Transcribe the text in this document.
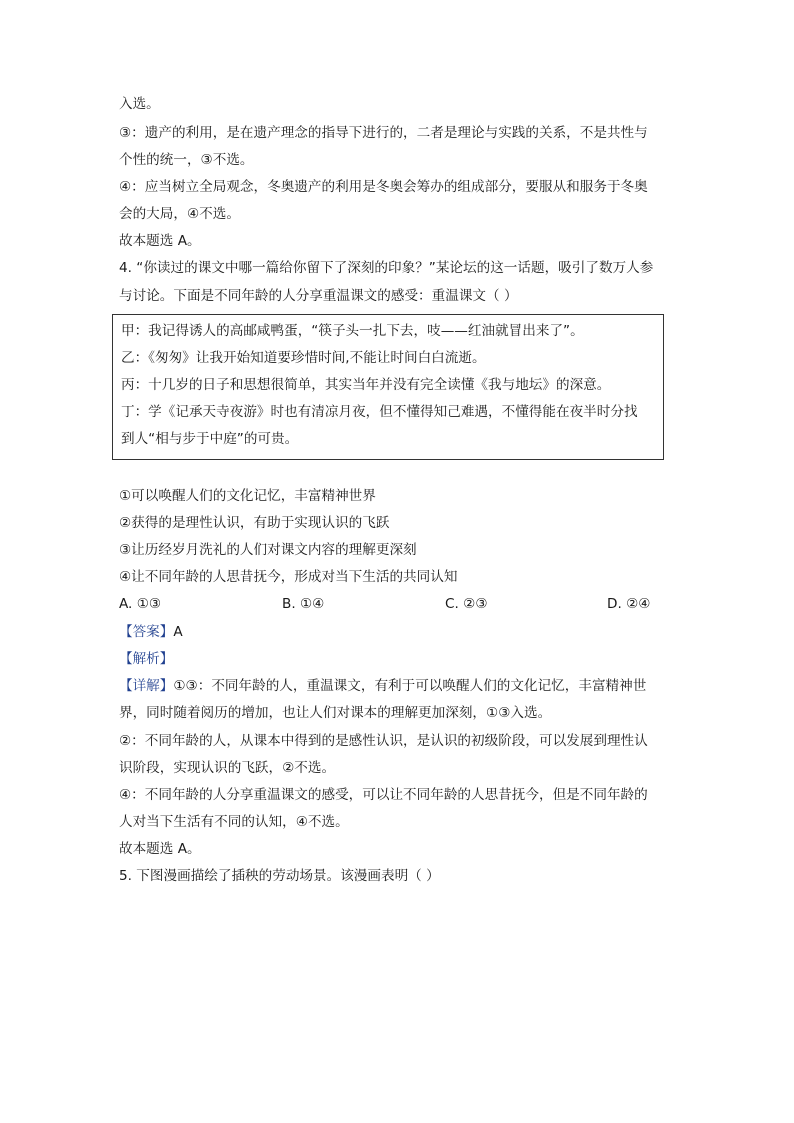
入选。
③：遗产的利用，是在遗产理念的指导下进行的，二者是理论与实践的关系，不是共性与
个性的统一，③不选。
④：应当树立全局观念，冬奥遗产的利用是冬奥会筹办的组成部分，要服从和服务于冬奥
会的大局，④不选。
故本题选 A。
4. “你读过的课文中哪一篇给你留下了深刻的印象？”某论坛的这一话题，吸引了数万人参
与讨论。下面是不同年龄的人分享重温课文的感受：重温课文（ ）
甲：我记得诱人的高邮咸鸭蛋，“筷子头一扎下去，吱——红油就冒出来了”。
乙：《匆匆》让我开始知道要珍惜时间,不能让时间白白流逝。
丙：十几岁的日子和思想很简单，其实当年并没有完全读懂《我与地坛》的深意。
丁：学《记承天寺夜游》时也有清凉月夜，但不懂得知己难遇，不懂得能在夜半时分找
到人“相与步于中庭”的可贵。
①可以唤醒人们的文化记忆，丰富精神世界
②获得的是理性认识，有助于实现认识的飞跃
③让历经岁月洗礼的人们对课文内容的理解更深刻
④让不同年龄的人思昔抚今，形成对当下生活的共同认知
A. ①③	B. ①④	C. ②③	D. ②④
【答案】A
【解析】
【详解】①③：不同年龄的人，重温课文，有利于可以唤醒人们的文化记忆，丰富精神世
界，同时随着阅历的增加，也让人们对课本的理解更加深刻，①③入选。
②：不同年龄的人，从课本中得到的是感性认识，是认识的初级阶段，可以发展到理性认
识阶段，实现认识的飞跃，②不选。
④：不同年龄的人分享重温课文的感受，可以让不同年龄的人思昔抚今，但是不同年龄的
人对当下生活有不同的认知，④不选。
故本题选 A。
5. 下图漫画描绘了插秧的劳动场景。该漫画表明（ ）
